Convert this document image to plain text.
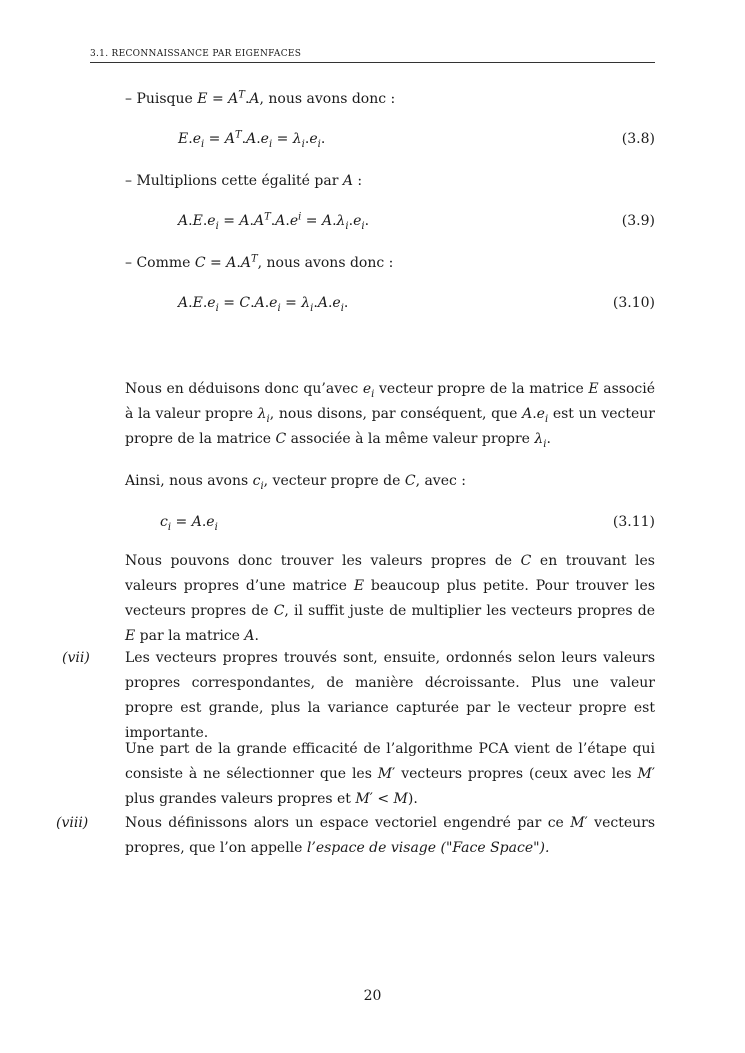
3.1. RECONNAISSANCE PAR EIGENFACES
– Puisque $E = A^T.A$, nous avons donc :
$E.e_i = A^T.A.e_i = \lambda_i.e_i$.	(3.8)
– Multiplions cette égalité par A :
$A.E.e_i = A.A^T.A.e^i = A.\lambda_i.e_i$.	(3.9)
– Comme $C = A.A^T$, nous avons donc :
$A.E.e_i = C.A.e_i = \lambda_i.A.e_i$.	(3.10)
Nous en déduisons donc qu’avec $e_i$ vecteur propre de la matrice E associé à la valeur propre $\lambda_i$, nous disons, par conséquent, que $A.e_i$ est un vecteur propre de la matrice C associée à la même valeur propre $\lambda_i$.
Ainsi, nous avons $c_i$, vecteur propre de C, avec :
$c_i = A.e_i$	(3.11)
Nous pouvons donc trouver les valeurs propres de C en trouvant les valeurs propres d’une matrice E beaucoup plus petite. Pour trouver les vecteurs propres de C, il suffit juste de multiplier les vecteurs propres de E par la matrice A.
(vii)	Les vecteurs propres trouvés sont, ensuite, ordonnés selon leurs valeurs propres correspondantes, de manière décroissante. Plus une valeur propre est grande, plus la variance capturée par le vecteur propre est importante.
Une part de la grande efficacité de l’algorithme PCA vient de l’étape qui consiste à ne sélectionner que les M′ vecteurs propres (ceux avec les M′ plus grandes valeurs propres et M′ < M).
(viii)	Nous définissons alors un espace vectoriel engendré par ce M′ vecteurs propres, que l’on appelle l’espace de visage ("Face Space").
20
